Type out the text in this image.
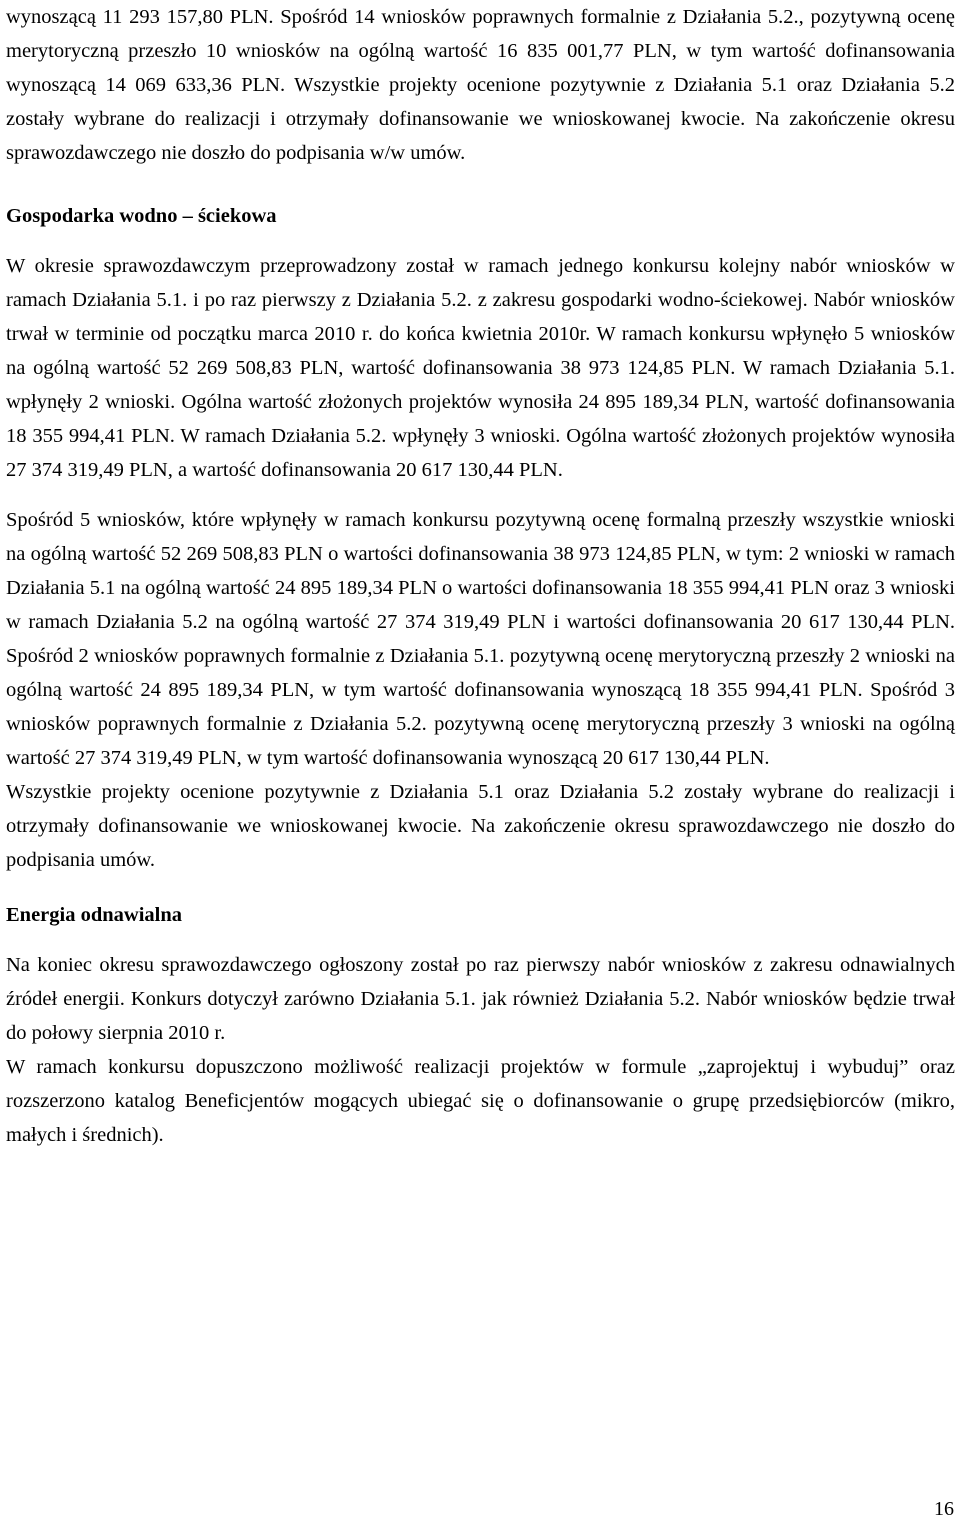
wynoszącą 11 293 157,80 PLN. Spośród 14 wniosków poprawnych formalnie z Działania 5.2., pozytywną ocenę merytoryczną przeszło 10 wniosków na ogólną wartość 16 835 001,77 PLN, w tym wartość dofinansowania wynoszącą 14 069 633,36 PLN. Wszystkie projekty ocenione pozytywnie z Działania 5.1 oraz Działania 5.2 zostały wybrane do realizacji i otrzymały dofinansowanie we wnioskowanej kwocie. Na zakończenie okresu sprawozdawczego nie doszło do podpisania w/w umów.

Gospodarka wodno – ściekowa

W okresie sprawozdawczym przeprowadzony został w ramach jednego konkursu kolejny nabór wniosków w ramach Działania 5.1. i po raz pierwszy z Działania 5.2. z zakresu gospodarki wodno-ściekowej. Nabór wniosków trwał w terminie od początku marca 2010 r. do końca kwietnia 2010r. W ramach konkursu wpłynęło 5 wniosków na ogólną wartość 52 269 508,83 PLN, wartość dofinansowania 38 973 124,85 PLN. W ramach Działania 5.1. wpłynęły 2 wnioski. Ogólna wartość złożonych projektów wynosiła 24 895 189,34 PLN, wartość dofinansowania 18 355 994,41 PLN. W ramach Działania 5.2. wpłynęły 3 wnioski. Ogólna wartość złożonych projektów wynosiła 27 374 319,49 PLN, a wartość dofinansowania 20 617 130,44 PLN.

Spośród 5 wniosków, które wpłynęły w ramach konkursu pozytywną ocenę formalną przeszły wszystkie wnioski na ogólną wartość 52 269 508,83 PLN o wartości dofinansowania 38 973 124,85 PLN, w tym: 2 wnioski w ramach Działania 5.1 na ogólną wartość 24 895 189,34 PLN o wartości dofinansowania 18 355 994,41 PLN oraz 3 wnioski w ramach Działania 5.2 na ogólną wartość 27 374 319,49 PLN i wartości dofinansowania 20 617 130,44 PLN. Spośród 2 wniosków poprawnych formalnie z Działania 5.1. pozytywną ocenę merytoryczną przeszły 2 wnioski na ogólną wartość 24 895 189,34 PLN, w tym wartość dofinansowania wynoszącą 18 355 994,41 PLN. Spośród 3 wniosków poprawnych formalnie z Działania 5.2. pozytywną ocenę merytoryczną przeszły 3 wnioski na ogólną wartość 27 374 319,49 PLN, w tym wartość dofinansowania wynoszącą 20 617 130,44 PLN.

Wszystkie projekty ocenione pozytywnie z Działania 5.1 oraz Działania 5.2 zostały wybrane do realizacji i otrzymały dofinansowanie we wnioskowanej kwocie. Na zakończenie okresu sprawozdawczego nie doszło do podpisania umów.

Energia odnawialna

Na koniec okresu sprawozdawczego ogłoszony został po raz pierwszy nabór wniosków z zakresu odnawialnych źródeł energii. Konkurs dotyczył zarówno Działania 5.1. jak również Działania 5.2. Nabór wniosków będzie trwał do połowy sierpnia 2010 r.

W ramach konkursu dopuszczono możliwość realizacji projektów w formule „zaprojektuj i wybuduj” oraz rozszerzono katalog Beneficjentów mogących ubiegać się o dofinansowanie o grupę przedsiębiorców (mikro, małych i średnich).

16
